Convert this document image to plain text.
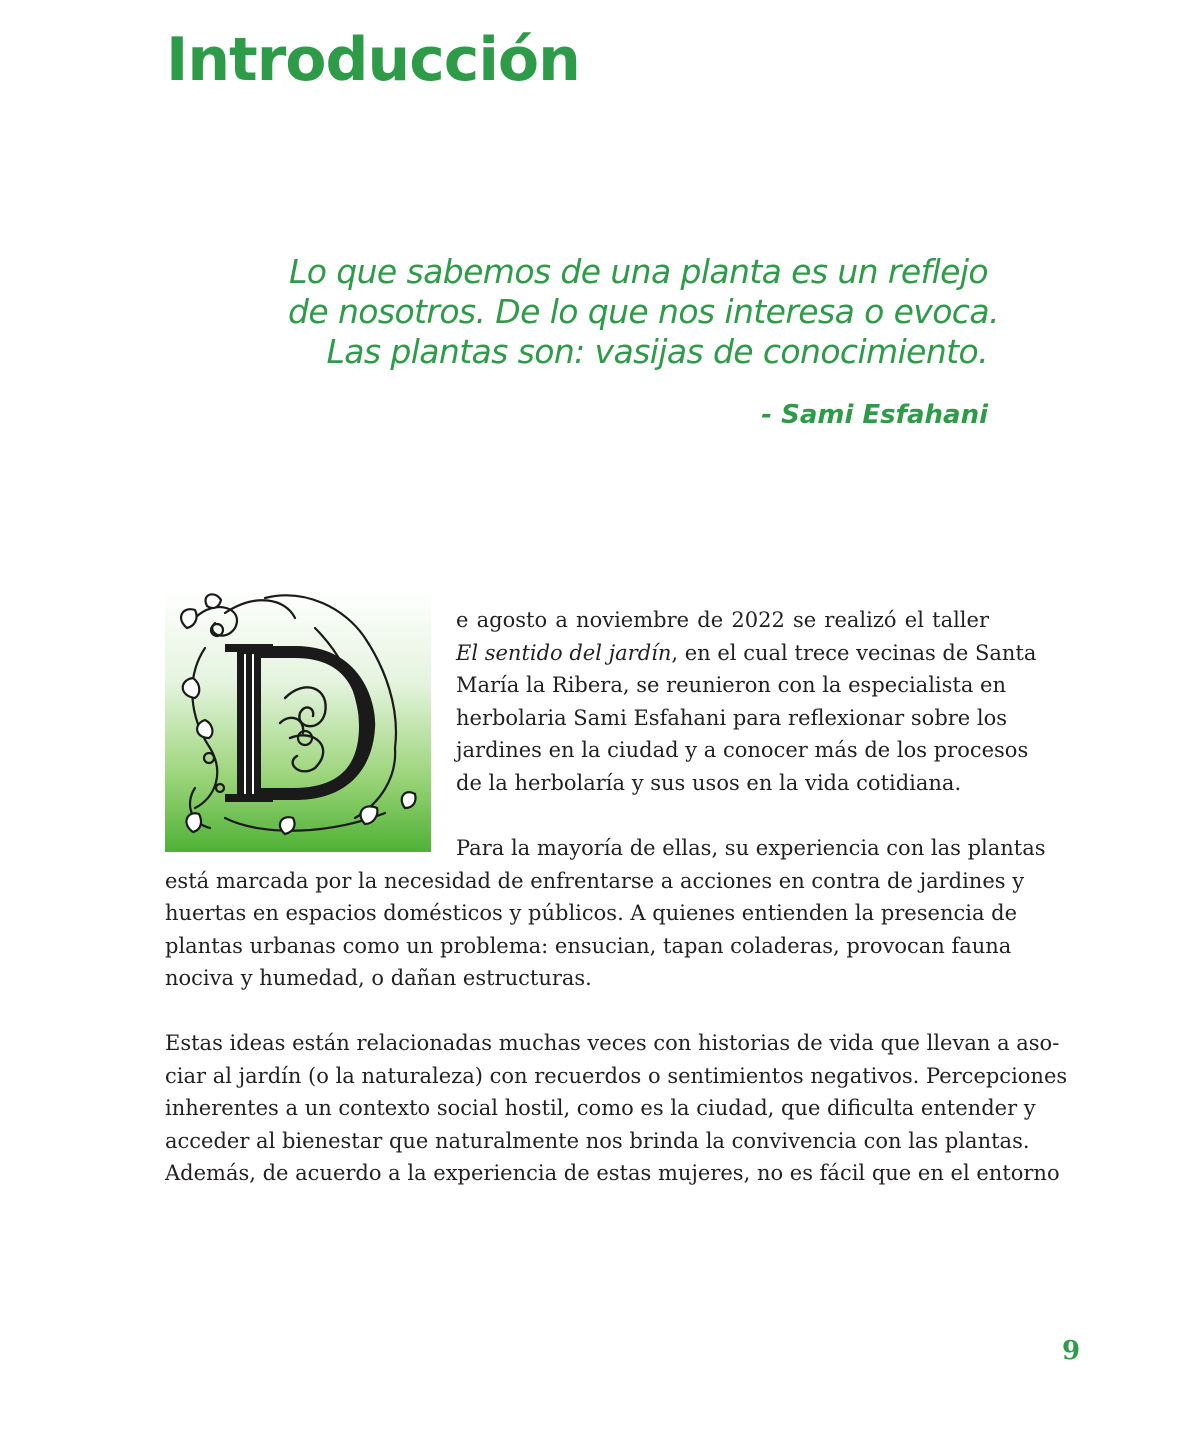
Introducción
Lo que sabemos de una planta es un reflejo
de nosotros. De lo que nos interesa o evoca.
Las plantas son: vasijas de conocimiento.
- Sami Esfahani
e agosto a noviembre de 2022 se realizó el taller
El sentido del jardín, en el cual trece vecinas de Santa
María la Ribera, se reunieron con la especialista en
herbolaria Sami Esfahani para reflexionar sobre los
jardines en la ciudad y a conocer más de los procesos
de la herbolaría y sus usos en la vida cotidiana.
Para la mayoría de ellas, su experiencia con las plantas
está marcada por la necesidad de enfrentarse a acciones en contra de jardines y
huertas en espacios domésticos y públicos. A quienes entienden la presencia de
plantas urbanas como un problema: ensucian, tapan coladeras, provocan fauna
nociva y humedad, o dañan estructuras.
Estas ideas están relacionadas muchas veces con historias de vida que llevan a aso-
ciar al jardín (o la naturaleza) con recuerdos o sentimientos negativos. Percepciones
inherentes a un contexto social hostil, como es la ciudad, que dificulta entender y
acceder al bienestar que naturalmente nos brinda la convivencia con las plantas.
Además, de acuerdo a la experiencia de estas mujeres, no es fácil que en el entorno
9
